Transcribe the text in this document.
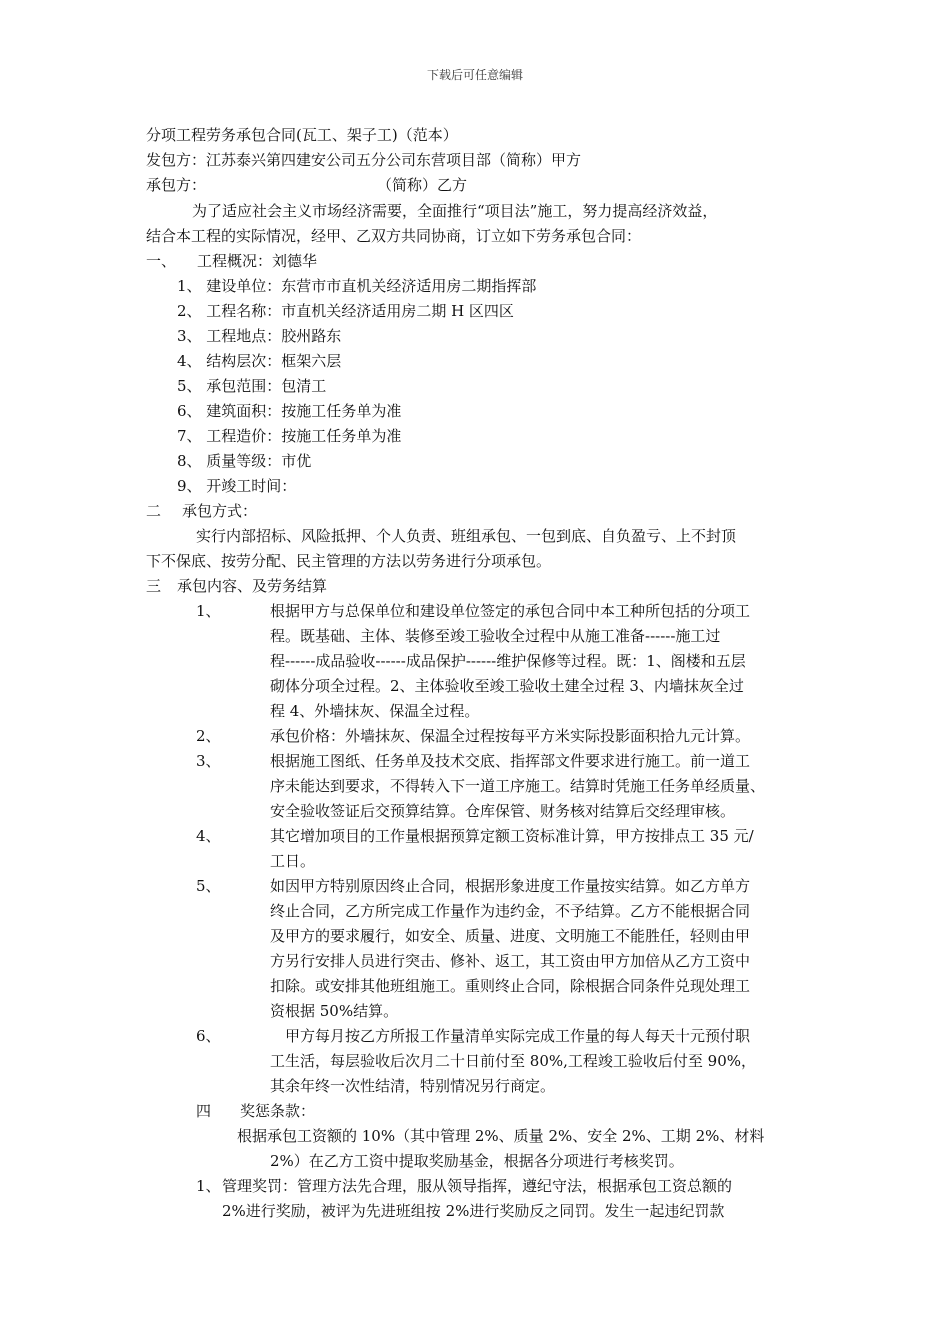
下载后可任意编辑
分项工程劳务承包合同(瓦工、架子工)（范本）
发包方：江苏泰兴第四建安公司五分公司东营项目部（简称）甲方
承包方：	（简称）乙方
为了适应社会主义市场经济需要，全面推行“项目法”施工，努力提高经济效益，
结合本工程的实际情况，经甲、乙双方共同协商，订立如下劳务承包合同：
一、 工程概况：刘德华
1、 建设单位：东营市市直机关经济适用房二期指挥部
2、 工程名称：市直机关经济适用房二期 H 区四区
3、 工程地点：胶州路东
4、 结构层次：框架六层
5、 承包范围：包清工
6、 建筑面积：按施工任务单为准
7、 工程造价：按施工任务单为准
8、 质量等级：市优
9、 开竣工时间：
二 承包方式：
实行内部招标、风险抵押、个人负责、班组承包、一包到底、自负盈亏、上不封顶
下不保底、按劳分配、民主管理的方法以劳务进行分项承包。
三 承包内容、及劳务结算
1、	根据甲方与总保单位和建设单位签定的承包合同中本工种所包括的分项工
程。既基础、主体、装修至竣工验收全过程中从施工准备------施工过
程------成品验收------成品保护------维护保修等过程。既：1、阁楼和五层
砌体分项全过程。2、主体验收至竣工验收土建全过程 3、内墙抹灰全过
程 4、外墙抹灰、保温全过程。
2、	承包价格：外墙抹灰、保温全过程按每平方米实际投影面积拾九元计算。
3、	根据施工图纸、任务单及技术交底、指挥部文件要求进行施工。前一道工
序未能达到要求，不得转入下一道工序施工。结算时凭施工任务单经质量、
安全验收签证后交预算结算。仓库保管、财务核对结算后交经理审核。
4、	其它增加项目的工作量根据预算定额工资标准计算，甲方按排点工 35 元/
工日。
5、	如因甲方特别原因终止合同，根据形象进度工作量按实结算。如乙方单方
终止合同，乙方所完成工作量作为违约金，不予结算。乙方不能根据合同
及甲方的要求履行，如安全、质量、进度、文明施工不能胜任，轻则由甲
方另行安排人员进行突击、修补、返工，其工资由甲方加倍从乙方工资中
扣除。或安排其他班组施工。重则终止合同，除根据合同条件兑现处理工
资根据 50%结算。
6、	甲方每月按乙方所报工作量清单实际完成工作量的每人每天十元预付职
工生活，每层验收后次月二十日前付至 80%,工程竣工验收后付至 90%，
其余年终一次性结清，特别情况另行商定。
四 奖惩条款：
根据承包工资额的 10%（其中管理 2%、质量 2%、安全 2%、工期 2%、材料
2%）在乙方工资中提取奖励基金，根据各分项进行考核奖罚。
1、 管理奖罚：管理方法先合理，服从领导指挥，遵纪守法，根据承包工资总额的
2%进行奖励，被评为先进班组按 2%进行奖励反之同罚。发生一起违纪罚款
